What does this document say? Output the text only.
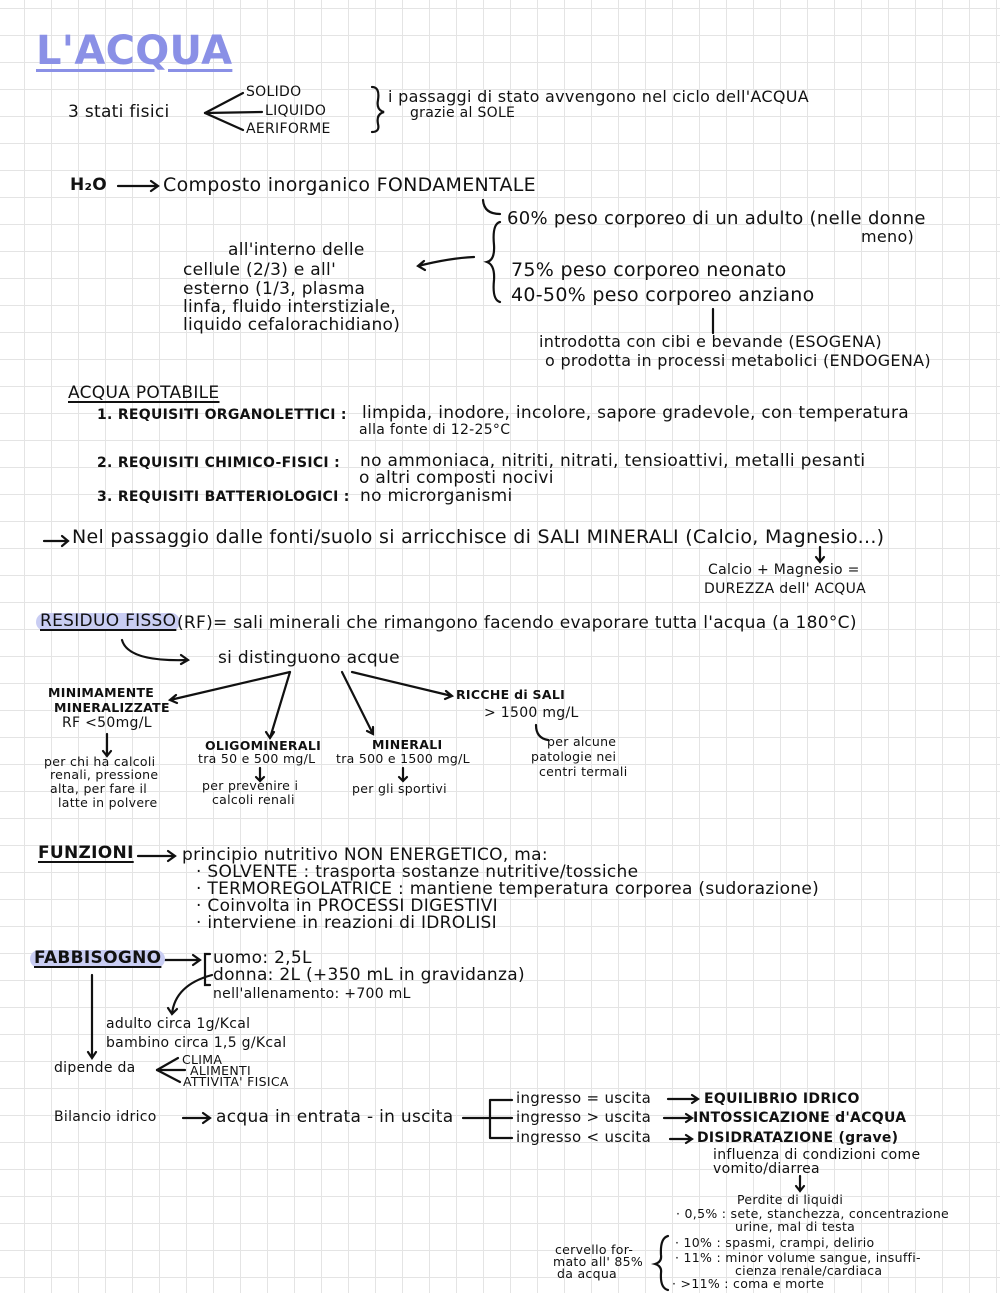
L'ACQUA
3 stati fisici
SOLIDO
LIQUIDO
AERIFORME
i passaggi di stato avvengono nel ciclo dell'ACQUA
grazie al SOLE
H₂O	Composto inorganico FONDAMENTALE
60% peso corporeo di un adulto (nelle donne
meno)
75% peso corporeo neonato
40-50% peso corporeo anziano
all'interno delle
cellule (2/3) e all'
esterno (1/3, plasma
linfa, fluido interstiziale,
liquido cefalorachidiano)
introdotta con cibi e bevande (ESOGENA)
o prodotta in processi metabolici (ENDOGENA)
ACQUA POTABILE
1. REQUISITI ORGANOLETTICI : limpida, inodore, incolore, sapore gradevole, con temperatura
alla fonte di 12-25°C
2. REQUISITI CHIMICO-FISICI : no ammoniaca, nitriti, nitrati, tensioattivi, metalli pesanti
o altri composti nocivi
3. REQUISITI BATTERIOLOGICI : no microrganismi
Nel passaggio dalle fonti/suolo si arricchisce di SALI MINERALI (Calcio, Magnesio...)
Calcio + Magnesio =
DUREZZA dell' ACQUA
RESIDUO FISSO (RF)= sali minerali che rimangono facendo evaporare tutta l'acqua (a 180°C)
si distinguono acque
MINIMAMENTE
MINERALIZZATE
RF <50mg/L
per chi ha calcoli
renali, pressione
alta, per fare il
latte in polvere
OLIGOMINERALI
tra 50 e 500 mg/L
per prevenire i
calcoli renali
MINERALI
tra 500 e 1500 mg/L
per gli sportivi
RICCHE di SALI
> 1500 mg/L
per alcune
patologie nei
centri termali
FUNZIONI	principio nutritivo NON ENERGETICO, ma:
· SOLVENTE : trasporta sostanze nutritive/tossiche
· TERMOREGOLATRICE : mantiene temperatura corporea (sudorazione)
· Coinvolta in PROCESSI DIGESTIVI
· interviene in reazioni di IDROLISI
FABBISOGNO	uomo: 2,5L
donna: 2L (+350 mL in gravidanza)
nell'allenamento: +700 mL
adulto circa 1g/Kcal
bambino circa 1,5 g/Kcal
dipende da
CLIMA
ALIMENTI
ATTIVITA' FISICA
Bilancio idrico	acqua in entrata - in uscita
ingresso = uscita	EQUILIBRIO IDRICO
ingresso > uscita	INTOSSICAZIONE d'ACQUA
ingresso < uscita	DISIDRATAZIONE (grave)
influenza di condizioni come
vomito/diarrea
Perdite di liquidi
cervello for-
mato all' 85%
da acqua
· 0,5% : sete, stanchezza, concentrazione
urine, mal di testa
· 10% : spasmi, crampi, delirio
· 11% : minor volume sangue, insuffi-
cienza renale/cardiaca
· >11% : coma e morte
